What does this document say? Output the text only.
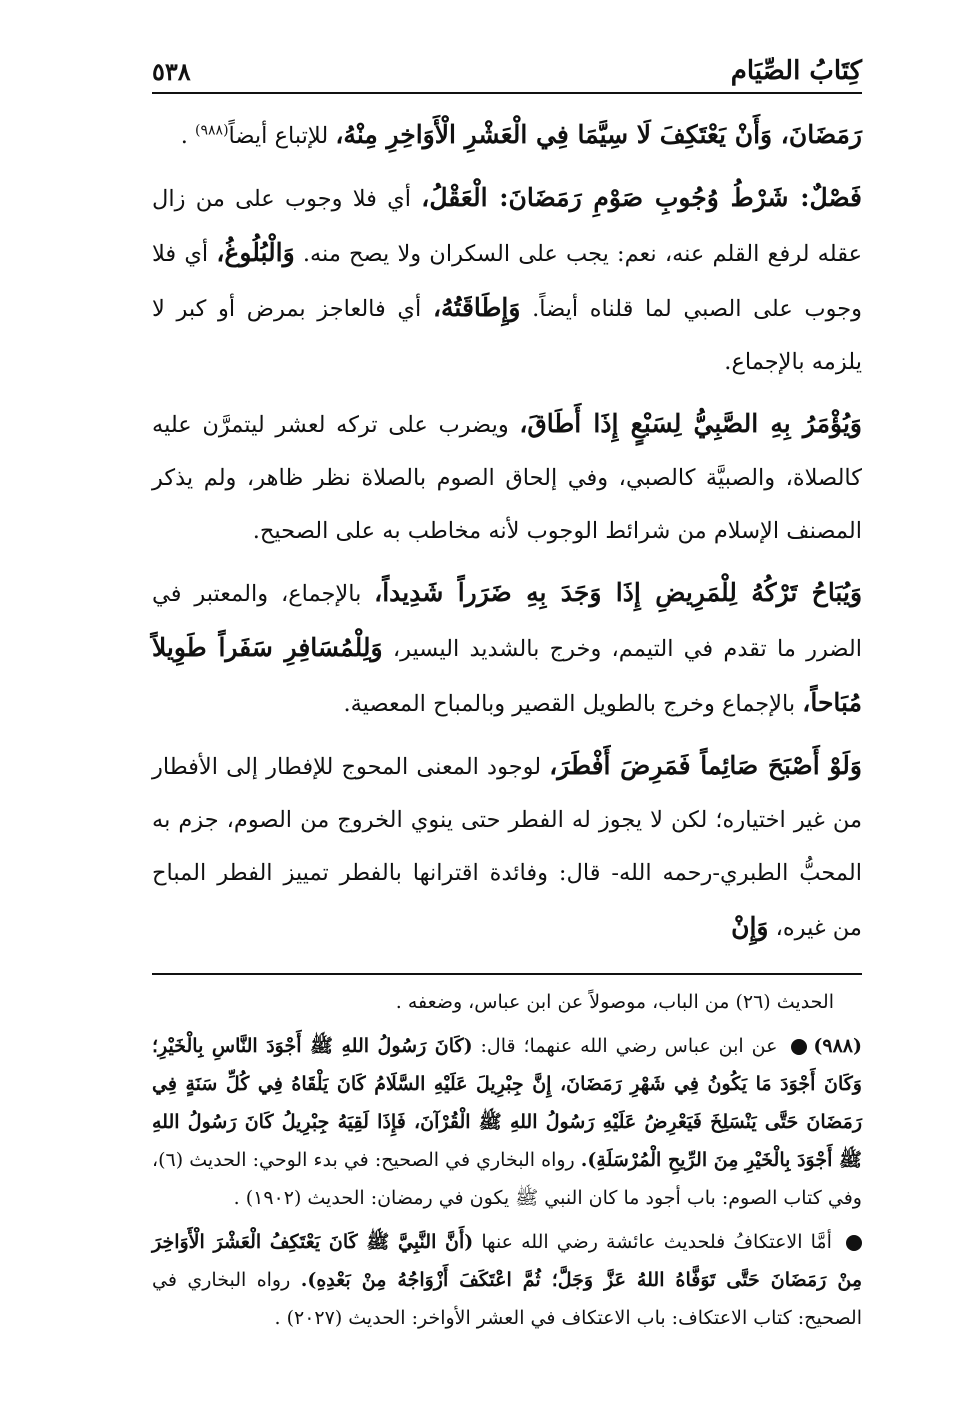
كِتَابُ الصِّيَام
٥٣٨

رَمَضَانَ، وَأَنْ يَعْتَكِفَ لَا سِيَّمَا فِي الْعَشْرِ الْأَوَاخِرِ مِنْهُ، للإتباع أيضاً$^{(٩٨٨)}$ .

فَصْلٌ: شَرْطُ وُجُوبِ صَوْمِ رَمَضَانَ: الْعَقْلُ، أي فلا وجوب على من زال عقله لرفع القلم عنه، نعم: يجب على السكران ولا يصح منه. وَالْبُلُوغُ، أي فلا وجوب على الصبي لما قلناه أيضاً. وَإِطَاقَتُهُ، أي فالعاجز بمرض أو كبر لا يلزمه بالإجماع.

وَيُؤْمَرُ بِهِ الصَّبِيُّ لِسَبْعٍ إِذَا أَطَاقَ، ويضرب على تركه لعشر ليتمرَّن عليه كالصلاة، والصبيَّة كالصبي، وفي إلحاق الصوم بالصلاة نظر ظاهر، ولم يذكر المصنف الإسلام من شرائط الوجوب لأنه مخاطب به على الصحيح.

وَيُبَاحُ تَرْكُهُ لِلْمَرِيضِ إِذَا وَجَدَ بِهِ ضَرَراً شَدِيداً، بالإجماع، والمعتبر في الضرر ما تقدم في التيمم، وخرج بالشديد اليسير، وَلِلْمُسَافِرِ سَفَراً طَوِيلاً مُبَاحاً، بالإجماع وخرج بالطويل القصير وبالمباح المعصية.

وَلَوْ أَصْبَحَ صَائِماً فَمَرِضَ أَفْطَرَ، لوجود المعنى المحوج للإفطار إلى الأفطار من غير اختياره؛ لكن لا يجوز له الفطر حتى ينوي الخروج من الصوم، جزم به المحبُّ الطبري-رحمه الله- قال: وفائدة اقترانها بالفطر تمييز الفطر المباح من غيره، وَإِنْ

الحديث (٢٦) من الباب، موصولاً عن ابن عباس، وضعفه .

(٩٨٨) عن ابن عباس رضي الله عنهما؛ قال: (كَانَ رَسُولُ اللهِ ﷺ أَجْوَدَ النَّاسِ بِالْخَيْرِ؛ وَكَانَ أَجْوَدَ مَا يَكُونُ فِي شَهْرِ رَمَضَانَ، إِنَّ جِبْرِيلَ عَلَيْهِ السَّلَامُ كَانَ يَلْقَاهُ فِي كُلِّ سَنَةٍ فِي رَمَضَانَ حَتَّى يَنْسَلِخَ فَيَعْرِضُ عَلَيْهِ رَسُولُ اللهِ ﷺ الْقُرْآنَ، فَإِذَا لَقِيَهُ جِبْرِيلُ كَانَ رَسُولُ اللهِ ﷺ أَجْوَدَ بِالْخَيْرِ مِنَ الرِّيحِ الْمُرْسَلَةِ). رواه البخاري في الصحيح: في بدء الوحي: الحديث (٦)، وفي كتاب الصوم: باب أجود ما كان النبي ﷺ يكون في رمضان: الحديث (١٩٠٢) .

أمَّا الاعتكافُ فلحديث عائشة رضي الله عنها (أَنَّ النَّبِيَّ ﷺ كَانَ يَعْتَكِفُ الْعَشْرَ الْأَوَاخِرَ مِنْ رَمَضَانَ حَتَّى تَوَفَّاهُ اللهُ عَزَّ وَجَلَّ؛ ثُمَّ اعْتَكَفَ أَزْوَاجُهُ مِنْ بَعْدِهِ). رواه البخاري في الصحيح: كتاب الاعتكاف: باب الاعتكاف في العشر الأواخر: الحديث (٢٠٢٧) .
